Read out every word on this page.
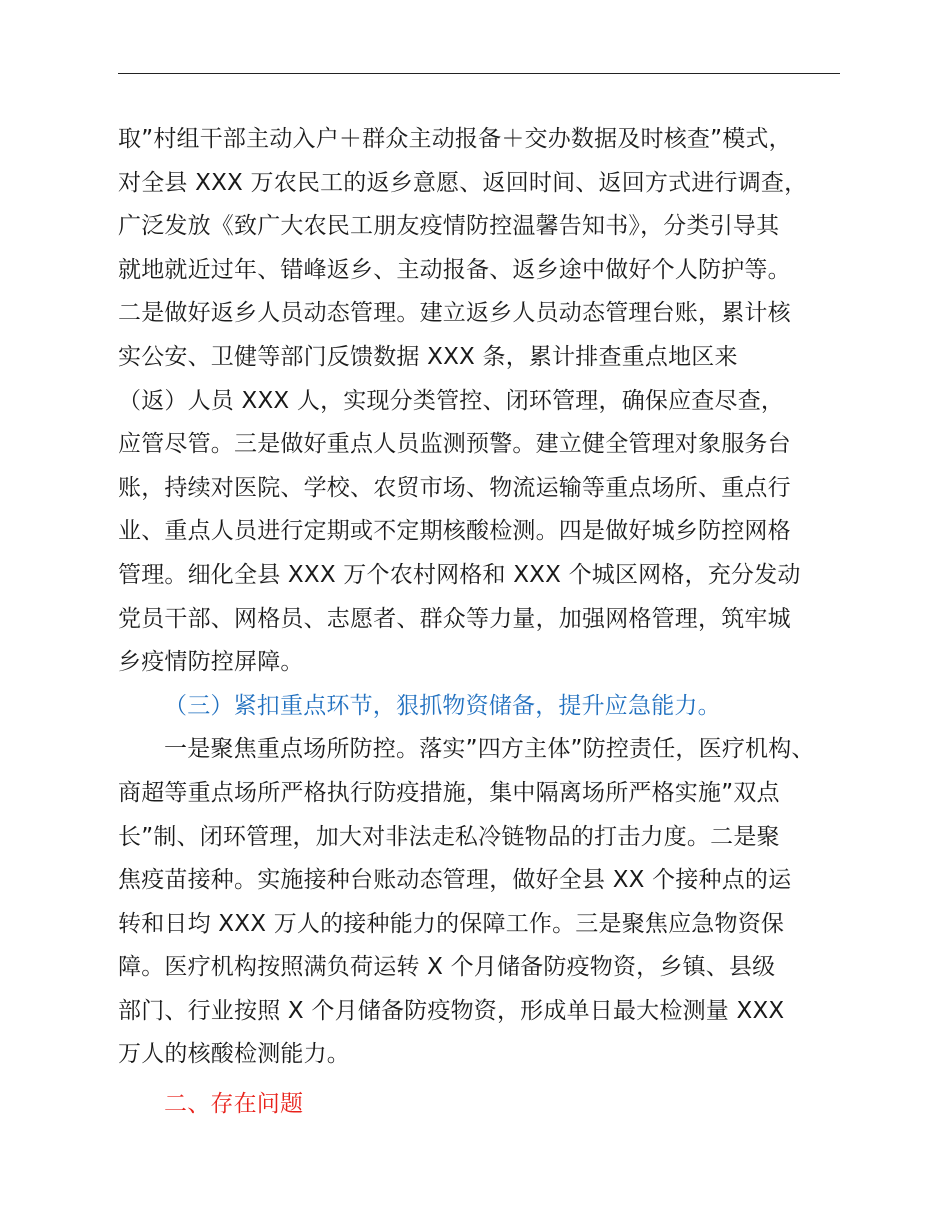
取”村组干部主动入户＋群众主动报备＋交办数据及时核查”模式，
对全县 XXX 万农民工的返乡意愿、返回时间、返回方式进行调查，
广泛发放《致广大农民工朋友疫情防控温馨告知书》，分类引导其
就地就近过年、错峰返乡、主动报备、返乡途中做好个人防护等。
二是做好返乡人员动态管理。建立返乡人员动态管理台账，累计核
实公安、卫健等部门反馈数据 XXX 条，累计排查重点地区来
（返）人员 XXX 人，实现分类管控、闭环管理，确保应查尽查，
应管尽管。三是做好重点人员监测预警。建立健全管理对象服务台
账，持续对医院、学校、农贸市场、物流运输等重点场所、重点行
业、重点人员进行定期或不定期核酸检测。四是做好城乡防控网格
管理。细化全县 XXX 万个农村网格和 XXX 个城区网格，充分发动
党员干部、网格员、志愿者、群众等力量，加强网格管理，筑牢城
乡疫情防控屏障。
（三）紧扣重点环节，狠抓物资储备，提升应急能力。
一是聚焦重点场所防控。落实”四方主体”防控责任，医疗机构、
商超等重点场所严格执行防疫措施，集中隔离场所严格实施”双点
长”制、闭环管理，加大对非法走私冷链物品的打击力度。二是聚
焦疫苗接种。实施接种台账动态管理，做好全县 XX 个接种点的运
转和日均 XXX 万人的接种能力的保障工作。三是聚焦应急物资保
障。医疗机构按照满负荷运转 X 个月储备防疫物资，乡镇、县级
部门、行业按照 X 个月储备防疫物资，形成单日最大检测量 XXX
万人的核酸检测能力。
二、存在问题
